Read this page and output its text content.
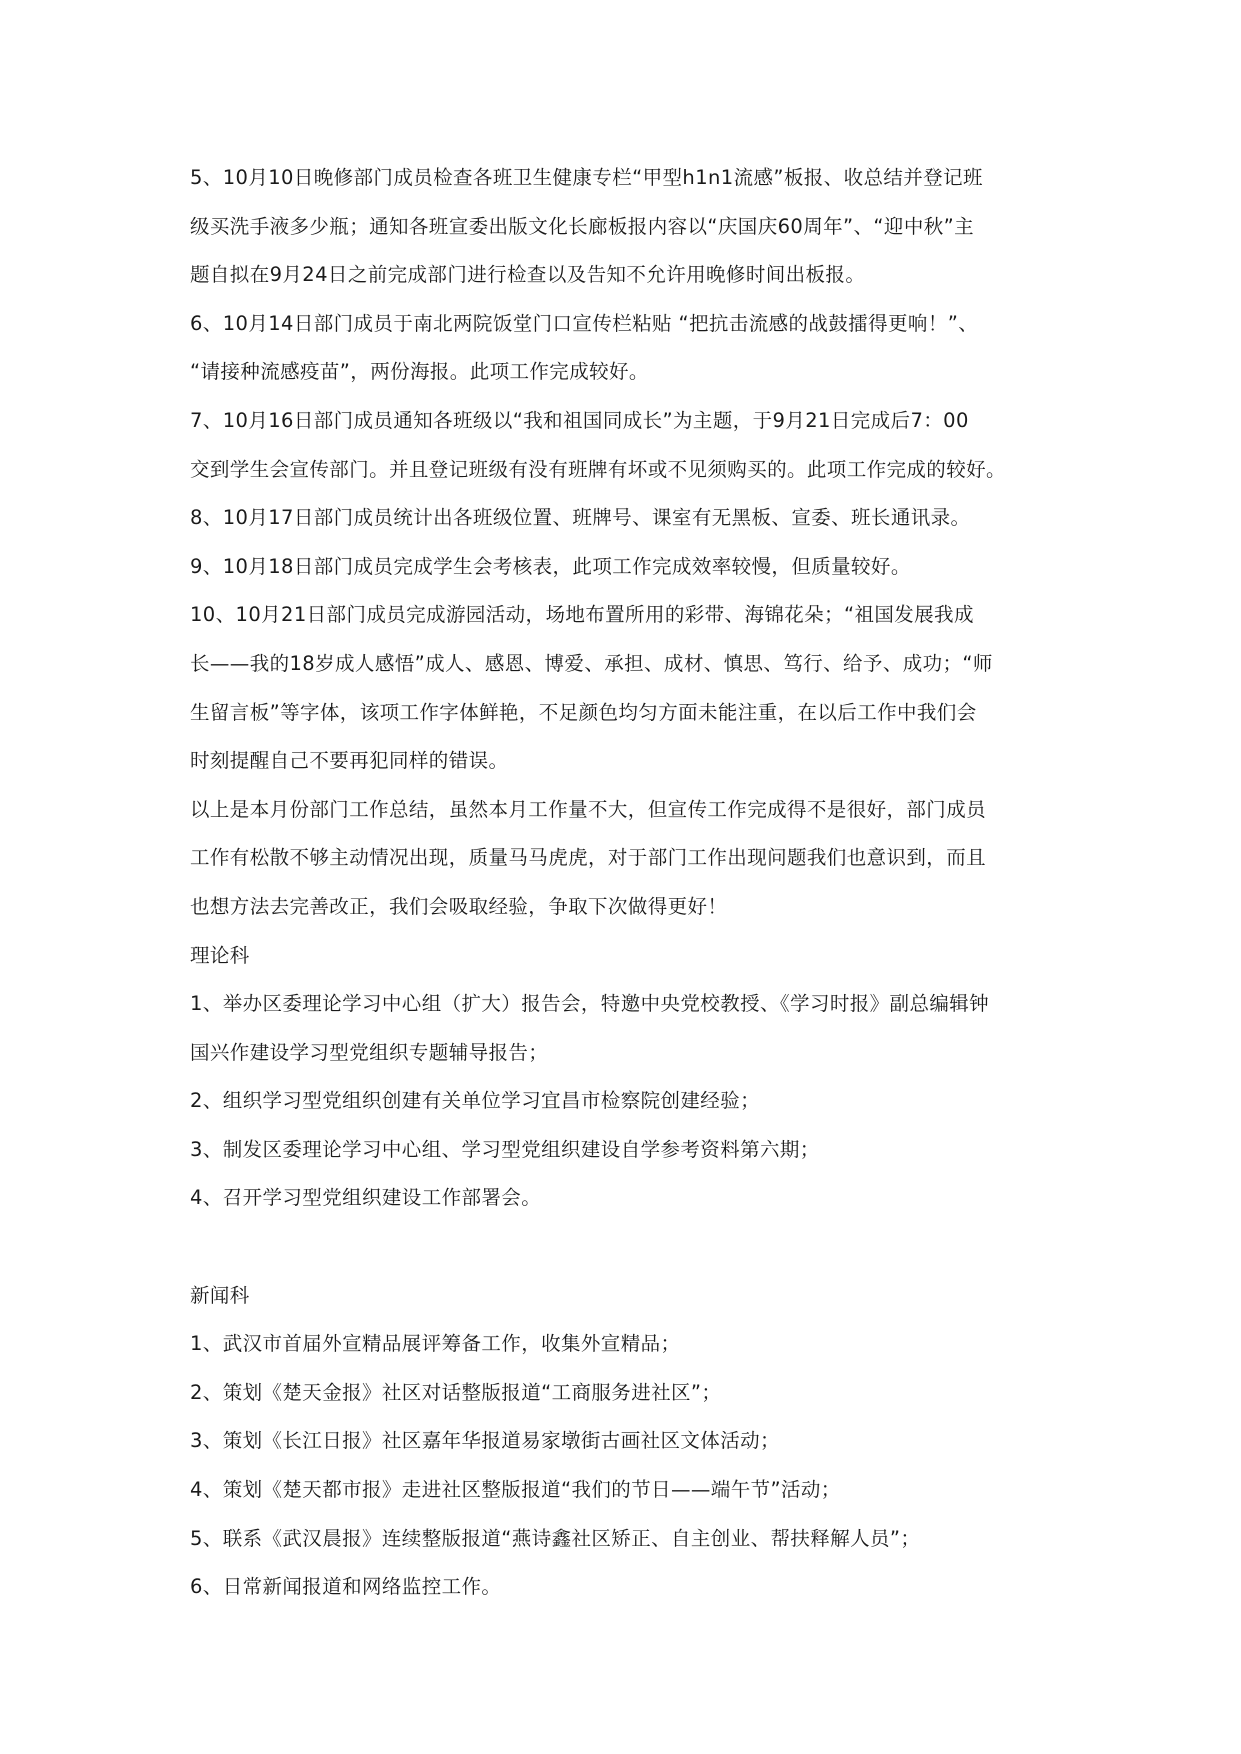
5、10月10日晚修部门成员检查各班卫生健康专栏“甲型h1n1流感”板报、收总结并登记班
级买洗手液多少瓶；通知各班宣委出版文化长廊板报内容以“庆国庆60周年”、“迎中秋”主
题自拟在9月24日之前完成部门进行检查以及告知不允许用晚修时间出板报。
6、10月14日部门成员于南北两院饭堂门口宣传栏粘贴 “把抗击流感的战鼓擂得更响！”、
“请接种流感疫苗”，两份海报。此项工作完成较好。
7、10月16日部门成员通知各班级以“我和祖国同成长”为主题，于9月21日完成后7：00
交到学生会宣传部门。并且登记班级有没有班牌有坏或不见须购买的。此项工作完成的较好。
8、10月17日部门成员统计出各班级位置、班牌号、课室有无黑板、宣委、班长通讯录。
9、10月18日部门成员完成学生会考核表，此项工作完成效率较慢，但质量较好。
10、10月21日部门成员完成游园活动，场地布置所用的彩带、海锦花朵；“祖国发展我成
长——我的18岁成人感悟”成人、感恩、博爱、承担、成材、慎思、笃行、给予、成功；“师
生留言板”等字体，该项工作字体鲜艳，不足颜色均匀方面未能注重，在以后工作中我们会
时刻提醒自己不要再犯同样的错误。
以上是本月份部门工作总结，虽然本月工作量不大，但宣传工作完成得不是很好，部门成员
工作有松散不够主动情况出现，质量马马虎虎，对于部门工作出现问题我们也意识到，而且
也想方法去完善改正，我们会吸取经验，争取下次做得更好！
理论科
1、举办区委理论学习中心组（扩大）报告会，特邀中央党校教授、《学习时报》副总编辑钟
国兴作建设学习型党组织专题辅导报告；
2、组织学习型党组织创建有关单位学习宜昌市检察院创建经验；
3、制发区委理论学习中心组、学习型党组织建设自学参考资料第六期；
4、召开学习型党组织建设工作部署会。
新闻科
1、武汉市首届外宣精品展评筹备工作，收集外宣精品；
2、策划《楚天金报》社区对话整版报道“工商服务进社区”；
3、策划《长江日报》社区嘉年华报道易家墩街古画社区文体活动；
4、策划《楚天都市报》走进社区整版报道“我们的节日——端午节”活动；
5、联系《武汉晨报》连续整版报道“燕诗鑫社区矫正、自主创业、帮扶释解人员”；
6、日常新闻报道和网络监控工作。
